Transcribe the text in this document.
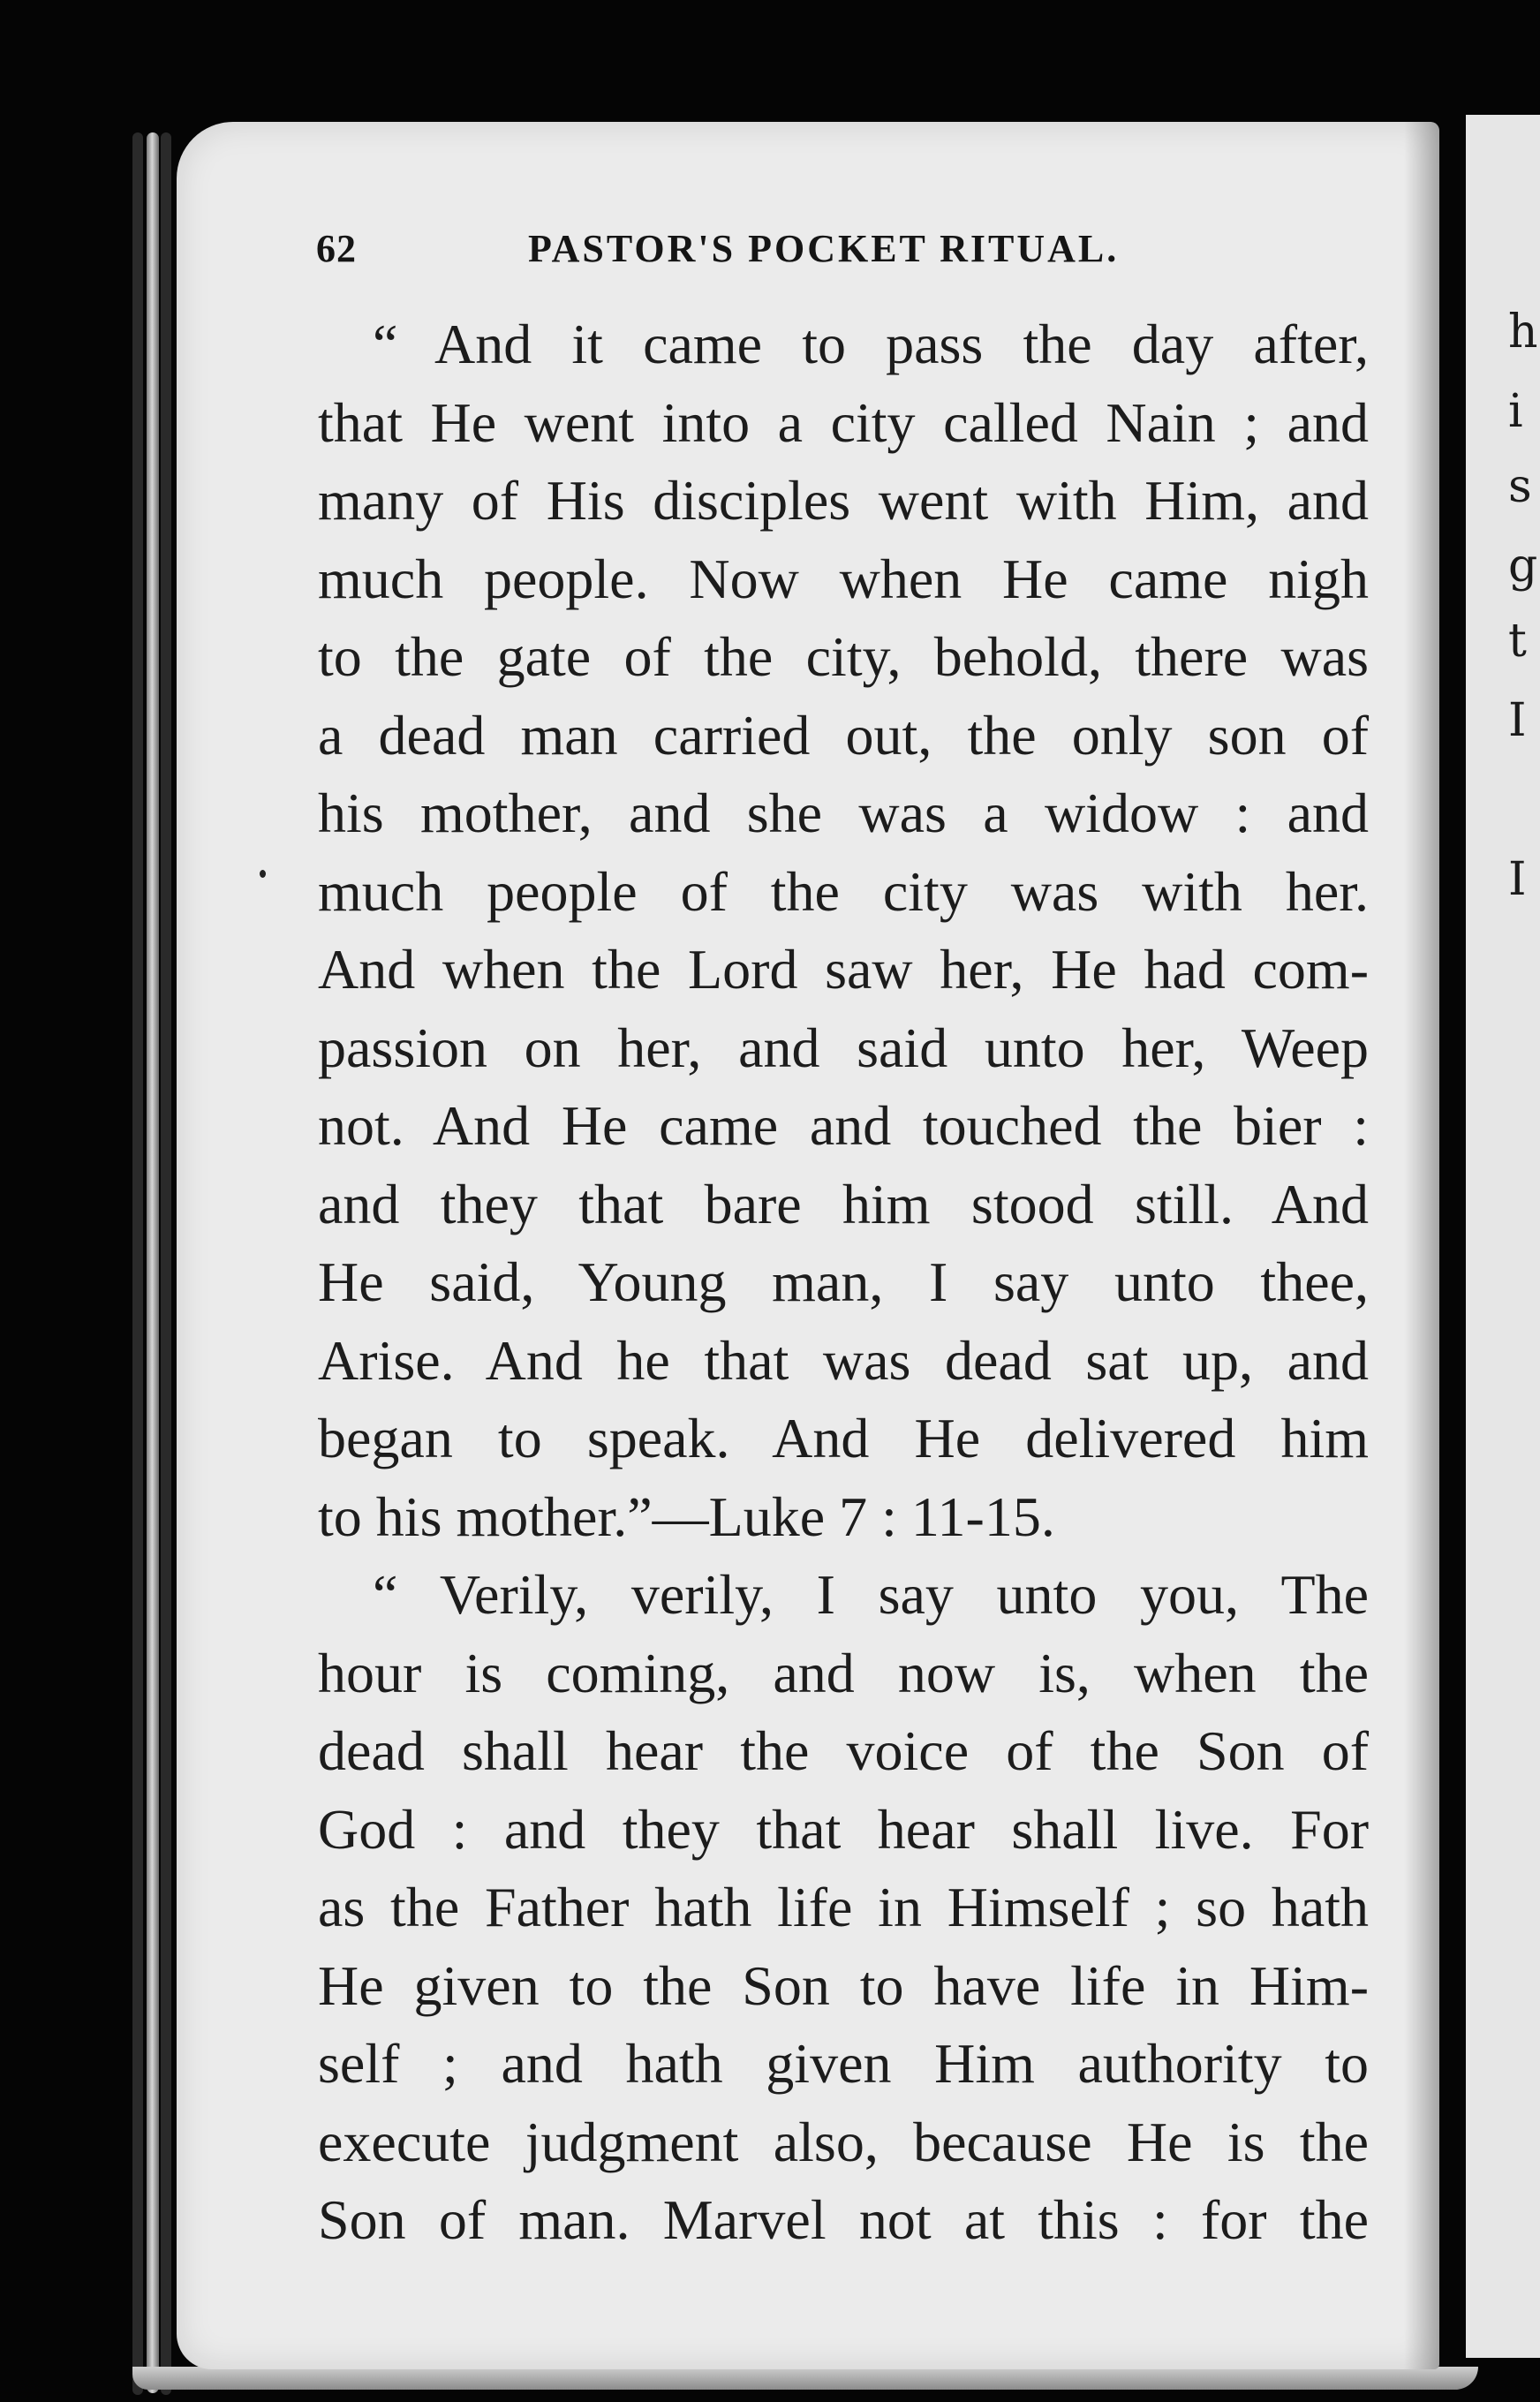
62	PASTOR'S POCKET RITUAL.
“ And it came to pass the day after,
that He went into a city called Nain ; and
many of His disciples went with Him, and
much people. Now when He came nigh
to the gate of the city, behold, there was
a dead man carried out, the only son of
his mother, and she was a widow : and
much people of the city was with her.
And when the Lord saw her, He had com-
passion on her, and said unto her, Weep
not. And He came and touched the bier :
and they that bare him stood still. And
He said, Young man, I say unto thee,
Arise. And he that was dead sat up, and
began to speak. And He delivered him
to his mother.”—Luke 7 : 11-15.
“ Verily, verily, I say unto you, The
hour is coming, and now is, when the
dead shall hear the voice of the Son of
God : and they that hear shall live. For
as the Father hath life in Himself ; so hath
He given to the Son to have life in Him-
self ; and hath given Him authority to
execute judgment also, because He is the
Son of man. Marvel not at this : for the
h
i
s
g
t
I
I
